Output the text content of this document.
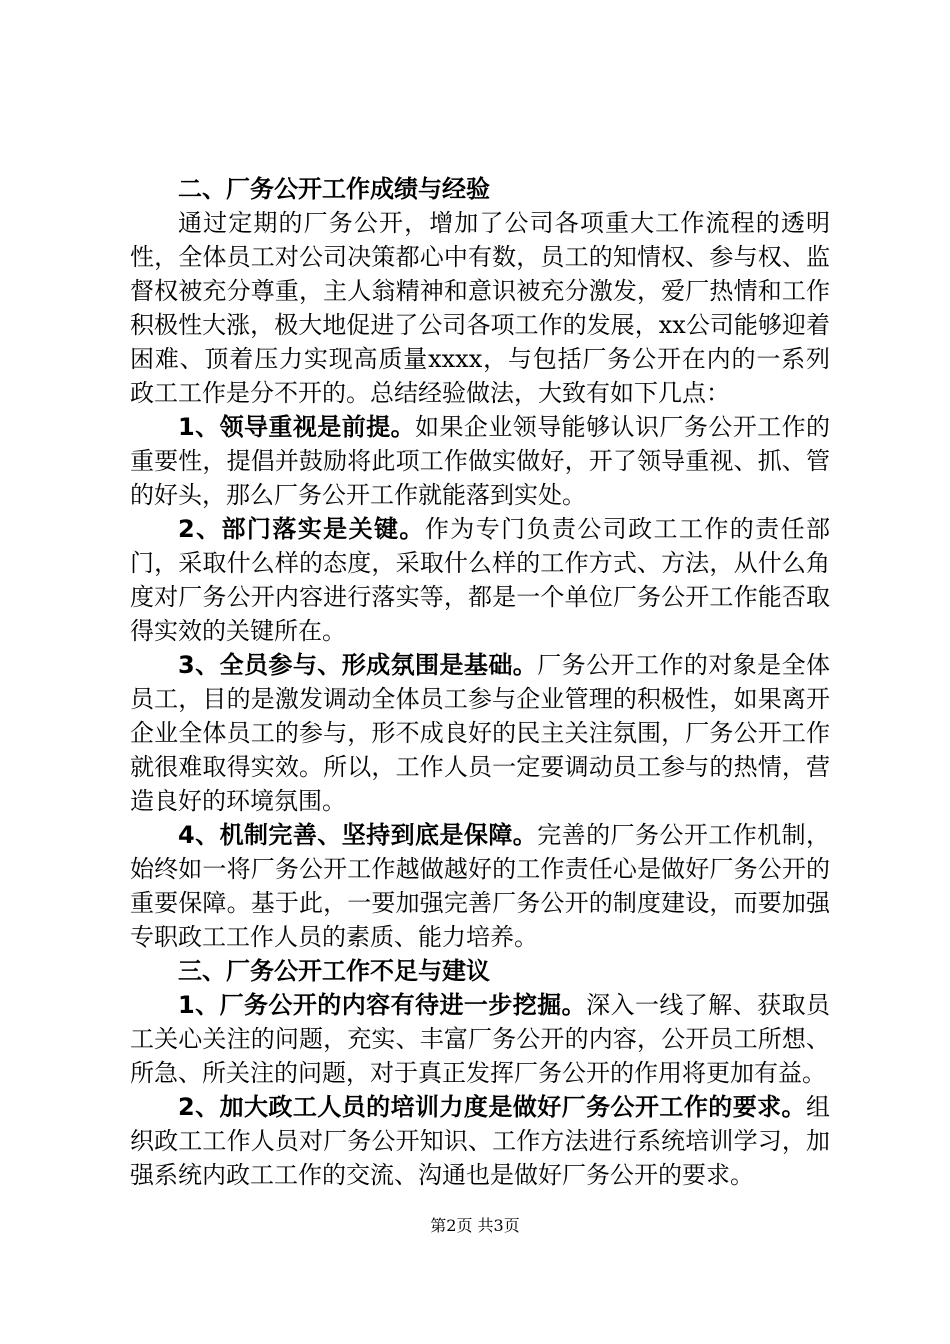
二、厂务公开工作成绩与经验

通过定期的厂务公开，增加了公司各项重大工作流程的透明性，全体员工对公司决策都心中有数，员工的知情权、参与权、监督权被充分尊重，主人翁精神和意识被充分激发，爱厂热情和工作积极性大涨，极大地促进了公司各项工作的发展，xx公司能够迎着困难、顶着压力实现高质量xxxx，与包括厂务公开在内的一系列政工工作是分不开的。总结经验做法，大致有如下几点：

1、领导重视是前提。如果企业领导能够认识厂务公开工作的重要性，提倡并鼓励将此项工作做实做好，开了领导重视、抓、管的好头，那么厂务公开工作就能落到实处。

2、部门落实是关键。作为专门负责公司政工工作的责任部门，采取什么样的态度，采取什么样的工作方式、方法，从什么角度对厂务公开内容进行落实等，都是一个单位厂务公开工作能否取得实效的关键所在。

3、全员参与、形成氛围是基础。厂务公开工作的对象是全体员工，目的是激发调动全体员工参与企业管理的积极性，如果离开企业全体员工的参与，形不成良好的民主关注氛围，厂务公开工作就很难取得实效。所以，工作人员一定要调动员工参与的热情，营造良好的环境氛围。

4、机制完善、坚持到底是保障。完善的厂务公开工作机制，始终如一将厂务公开工作越做越好的工作责任心是做好厂务公开的重要保障。基于此，一要加强完善厂务公开的制度建设，而要加强专职政工工作人员的素质、能力培养。

三、厂务公开工作不足与建议

1、厂务公开的内容有待进一步挖掘。深入一线了解、获取员工关心关注的问题，充实、丰富厂务公开的内容，公开员工所想、所急、所关注的问题，对于真正发挥厂务公开的作用将更加有益。

2、加大政工人员的培训力度是做好厂务公开工作的要求。组织政工工作人员对厂务公开知识、工作方法进行系统培训学习，加强系统内政工工作的交流、沟通也是做好厂务公开的要求。

第2页 共3页
